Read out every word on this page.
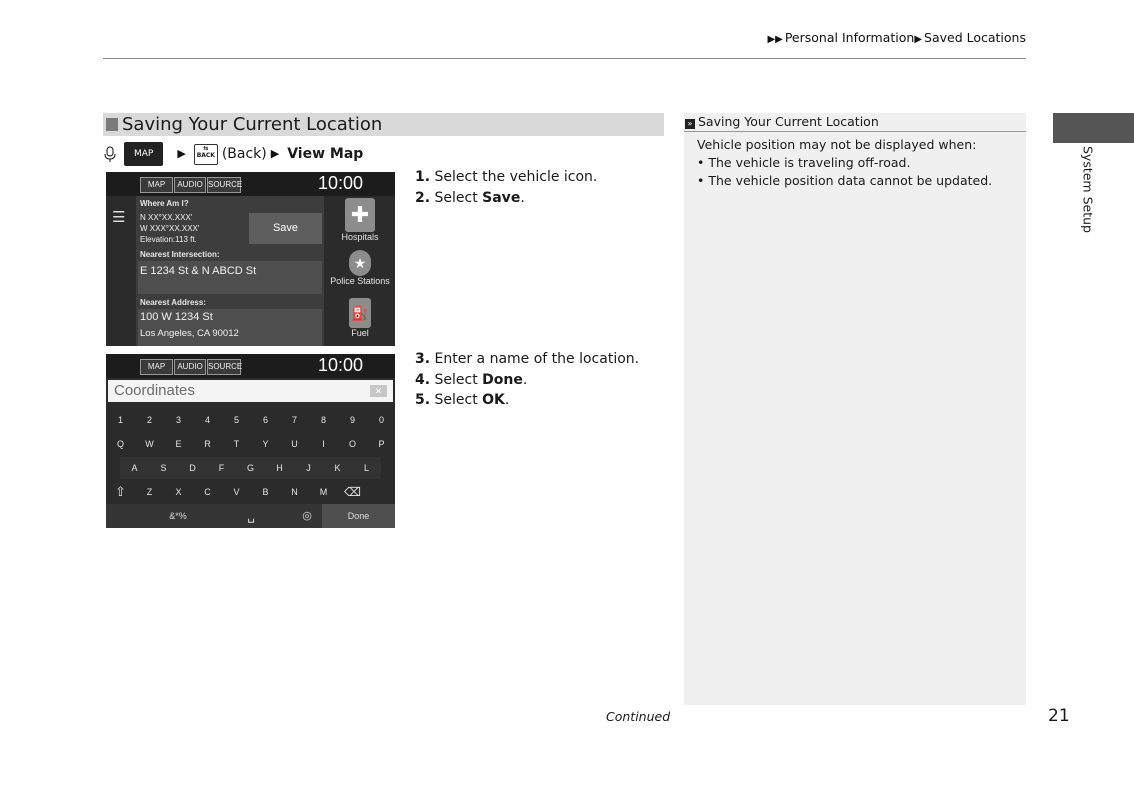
▶▶ Personal Information▶ Saved Locations
Saving Your Current Location
MAP	▶	⇆
BACK (Back) ▶ View Map
MAP	AUDIO SOURCE	10:00
☰
Where Am I?
N XX°XX.XXX'
W XXX°XX.XXX'
Elevation:113 ft.
Save
Nearest Intersection:
E 1234 St & N ABCD St
Nearest Address:
100 W 1234 St
Los Angeles, CA 90012
✚
Hospitals
★
Police Stations
⛽
Fuel
MAP	AUDIO SOURCE	10:00
Coordinates	✕
1	2	3	4	5	6	7	8	9	0
Q	W	E	R	T	Y	U	I	O	P
A	S	D	F	G	H	J	K	L
⇧	Z	X	C	V	B	N	M	⌫
&*%	␣	◎	Done
1. Select the vehicle icon.
2. Select Save.
3. Enter a name of the location.
4. Select Done.
5. Select OK.
» Saving Your Current Location
Vehicle position may not be displayed when:
• The vehicle is traveling off-road.
• The vehicle position data cannot be updated.	System Setup
Continued	21
